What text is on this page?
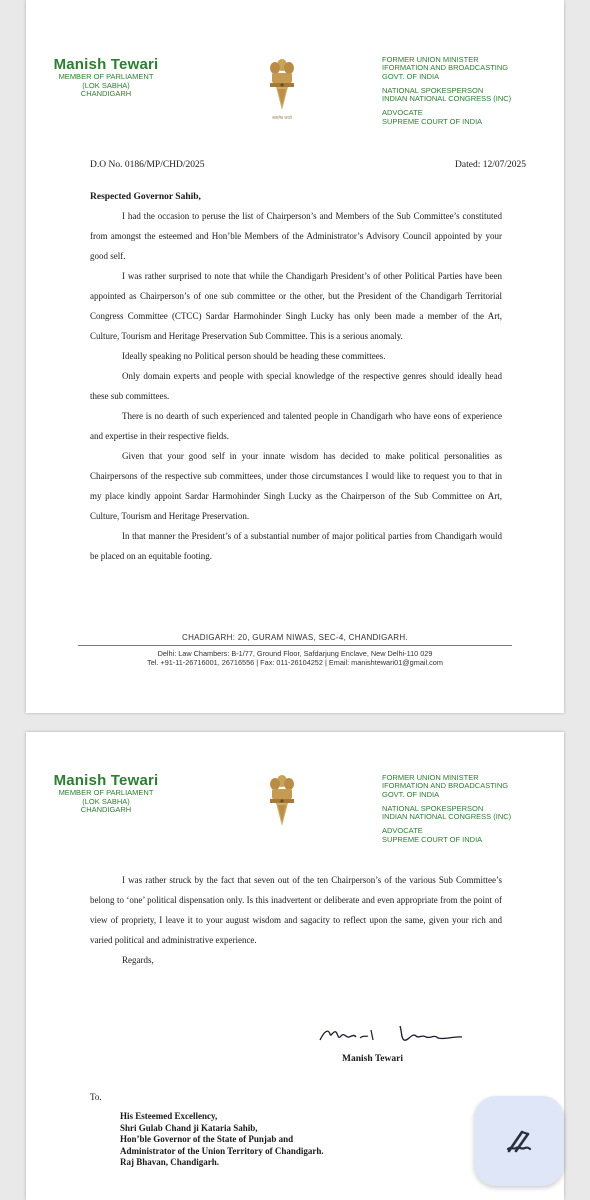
Manish Tewari
MEMBER OF PARLIAMENT
(LOK SABHA)
CHANDIGARH
सत्यमेव जयते
FORMER UNION MINISTER
IFORMATION AND BROADCASTING
GOVT. OF INDIA
NATIONAL SPOKESPERSON
INDIAN NATIONAL CONGRESS (INC)
ADVOCATE
SUPREME COURT OF INDIA
D.O No. 0186/MP/CHD/2025	Dated: 12/07/2025
Respected Governor Sahib,

I had the occasion to peruse the list of Chairperson’s and Members of the Sub Committee’s constituted from amongst the esteemed and Hon’ble Members of the Administrator’s Advisory Council appointed by your good self.

I was rather surprised to note that while the Chandigarh President’s of other Political Parties have been appointed as Chairperson’s of one sub committee or the other, but the President of the Chandigarh Territorial Congress Committee (CTCC) Sardar Harmohinder Singh Lucky has only been made a member of the Art, Culture, Tourism and Heritage Preservation Sub Committee. This is a serious anomaly.

Ideally speaking no Political person should be heading these committees.

Only domain experts and people with special knowledge of the respective genres should ideally head these sub committees.

There is no dearth of such experienced and talented people in Chandigarh who have eons of experience and expertise in their respective fields.

Given that your good self in your innate wisdom has decided to make political personalities as Chairpersons of the respective sub committees, under those circumstances I would like to request you to that in my place kindly appoint Sardar Harmohinder Singh Lucky as the Chairperson of the Sub Committee on Art, Culture, Tourism and Heritage Preservation.

In that manner the President’s of a substantial number of major political parties from Chandigarh would be placed on an equitable footing.

CHADIGARH: 20, GURAM NIWAS, SEC-4, CHANDIGARH.
Delhi: Law Chambers: B-1/77, Ground Floor, Safdarjung Enclave, New Delhi-110 029
Tel. +91-11-26716001, 26716556 | Fax: 011-26104252 | Email: manishtewari01@gmail.com
Manish Tewari
MEMBER OF PARLIAMENT
(LOK SABHA)
CHANDIGARH
FORMER UNION MINISTER
IFORMATION AND BROADCASTING
GOVT. OF INDIA
NATIONAL SPOKESPERSON
INDIAN NATIONAL CONGRESS (INC)
ADVOCATE
SUPREME COURT OF INDIA

I was rather struck by the fact that seven out of the ten Chairperson’s of the various Sub Committee’s belong to ‘one’ political dispensation only. Is this inadvertent or deliberate and even appropriate from the point of view of propriety, I leave it to your august wisdom and sagacity to reflect upon the same, given your rich and varied political and administrative experience.

Regards,

Manish Tewari
To.
His Esteemed Excellency,
Shri Gulab Chand ji Kataria Sahib,
Hon’ble Governor of the State of Punjab and
Administrator of the Union Territory of Chandigarh.
Raj Bhavan, Chandigarh.
